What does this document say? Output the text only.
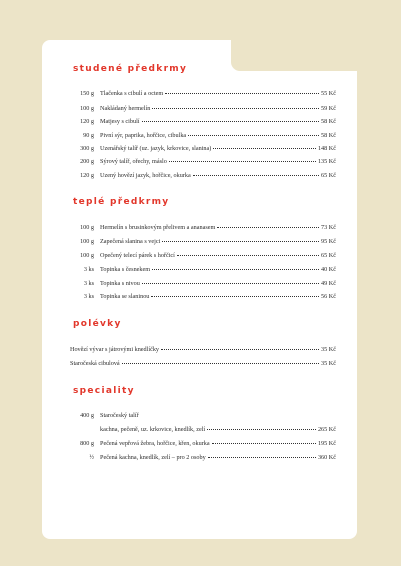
studené předkrmy
150 g Tlačenka s cibulí a octem	55 Kč
100 g Nakládaný hermelín	59 Kč
120 g Matjesy s cibulí	58 Kč
90 g Pivní sýr, paprika, hořčice, cibulka	58 Kč
300 g Uzenářský talíř (uz. jazyk, krkovice, slanina)	148 Kč
200 g Sýrový talíř, ořechy, máslo	135 Kč
120 g Uzený hovězí jazyk, hořčice, okurka	65 Kč
teplé předkrmy
100 g Hermelín s brusinkovým přelivem a ananasem	73 Kč
100 g Zapečená slanina s vejci	95 Kč
100 g Opečený telecí párek s hořčicí	65 Kč
3 ks Topinka s česnekem	40 Kč
3 ks Topinka s nivou	49 Kč
3 ks Topinka se slaninou	56 Kč
polévky
Hovězí vývar s játrovými knedlíčky	35 Kč
Staročeská cibulová	35 Kč
speciality
400 g Staročeský talíř
kachna, pečeně, uz. krkovice, knedlík, zelí	265 Kč
800 g Pečená vepřová žebra, hořčice, křen, okurka	195 Kč
½ Pečená kachna, knedlík, zelí – pro 2 osoby	360 Kč
